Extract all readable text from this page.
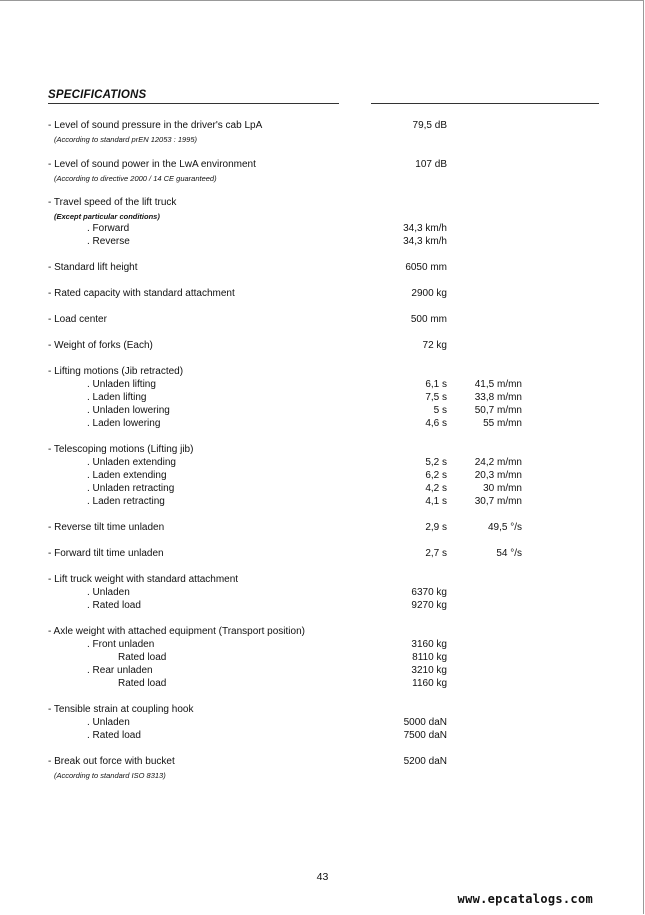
SPECIFICATIONS
- Level of sound pressure in the driver's cab LpA	79,5 dB
(According to standard prEN 12053 : 1995)
- Level of sound power in the LwA environment	107 dB
(According to directive 2000 / 14 CE guaranteed)
- Travel speed of the lift truck
(Except particular conditions)
. Forward	34,3 km/h
. Reverse	34,3 km/h
- Standard lift height	6050 mm
- Rated capacity with standard attachment	2900 kg
- Load center	500 mm
- Weight of forks (Each)	72 kg
- Lifting motions (Jib retracted)
. Unladen lifting	6,1 s	41,5 m/mn
. Laden lifting	7,5 s	33,8 m/mn
. Unladen lowering	5 s	50,7 m/mn
. Laden lowering	4,6 s	55 m/mn
- Telescoping motions (Lifting jib)
. Unladen extending	5,2 s	24,2 m/mn
. Laden extending	6,2 s	20,3 m/mn
. Unladen retracting	4,2 s	30 m/mn
. Laden retracting	4,1 s	30,7 m/mn
- Reverse tilt time unladen	2,9 s	49,5 °/s
- Forward tilt time unladen	2,7 s	54 °/s
- Lift truck weight with standard attachment
. Unladen	6370 kg
. Rated load	9270 kg
- Axle weight with attached equipment (Transport position)
. Front unladen	3160 kg
Rated load	8110 kg
. Rear unladen	3210 kg
Rated load	1160 kg
- Tensible strain at coupling hook
. Unladen	5000 daN
. Rated load	7500 daN
- Break out force with bucket	5200 daN
(According to standard ISO 8313)
43
www.epcatalogs.com
